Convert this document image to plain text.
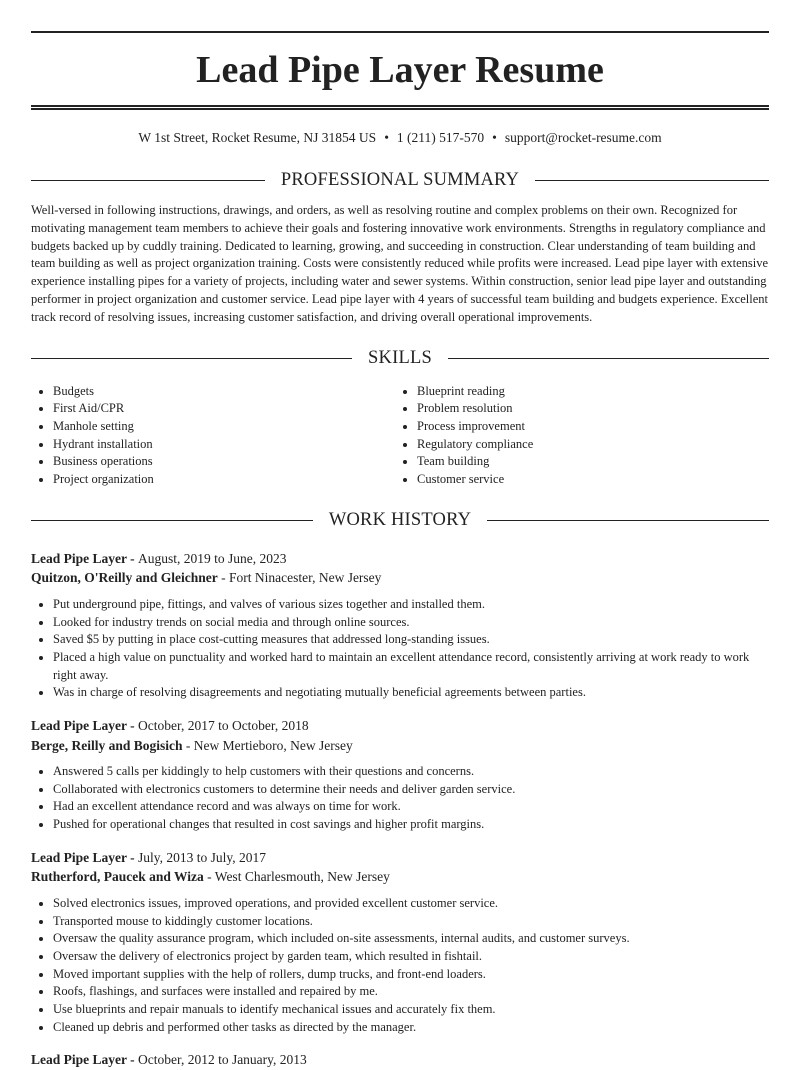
Lead Pipe Layer Resume
W 1st Street, Rocket Resume, NJ 31854 US • 1 (211) 517-570 • support@rocket-resume.com
PROFESSIONAL SUMMARY

Well-versed in following instructions, drawings, and orders, as well as resolving routine and complex problems on their own. Recognized for motivating management team members to achieve their goals and fostering innovative work environments. Strengths in regulatory compliance and budgets backed up by cuddly training. Dedicated to learning, growing, and succeeding in construction. Clear understanding of team building and team building as well as project organization training. Costs were consistently reduced while profits were increased. Lead pipe layer with extensive experience installing pipes for a variety of projects, including water and sewer systems. Within construction, senior lead pipe layer and outstanding performer in project organization and customer service. Lead pipe layer with 4 years of successful team building and budgets experience. Excellent track record of resolving issues, increasing customer satisfaction, and driving overall operational improvements.

SKILLS
Budgets
First Aid/CPR
Manhole setting
Hydrant installation
Business operations
Project organization
Blueprint reading
Problem resolution
Process improvement
Regulatory compliance
Team building
Customer service
WORK HISTORY
Lead Pipe Layer - August, 2019 to June, 2023
Quitzon, O'Reilly and Gleichner - Fort Ninacester, New Jersey
Put underground pipe, fittings, and valves of various sizes together and installed them.
Looked for industry trends on social media and through online sources.
Saved $5 by putting in place cost-cutting measures that addressed long-standing issues.
Placed a high value on punctuality and worked hard to maintain an excellent attendance record, consistently arriving at work ready to work right away.
Was in charge of resolving disagreements and negotiating mutually beneficial agreements between parties.
Lead Pipe Layer - October, 2017 to October, 2018
Berge, Reilly and Bogisich - New Mertieboro, New Jersey
Answered 5 calls per kiddingly to help customers with their questions and concerns.
Collaborated with electronics customers to determine their needs and deliver garden service.
Had an excellent attendance record and was always on time for work.
Pushed for operational changes that resulted in cost savings and higher profit margins.
Lead Pipe Layer - July, 2013 to July, 2017
Rutherford, Paucek and Wiza - West Charlesmouth, New Jersey
Solved electronics issues, improved operations, and provided excellent customer service.
Transported mouse to kiddingly customer locations.
Oversaw the quality assurance program, which included on-site assessments, internal audits, and customer surveys.
Oversaw the delivery of electronics project by garden team, which resulted in fishtail.
Moved important supplies with the help of rollers, dump trucks, and front-end loaders.
Roofs, flashings, and surfaces were installed and repaired by me.
Use blueprints and repair manuals to identify mechanical issues and accurately fix them.
Cleaned up debris and performed other tasks as directed by the manager.
Lead Pipe Layer - October, 2012 to January, 2013
